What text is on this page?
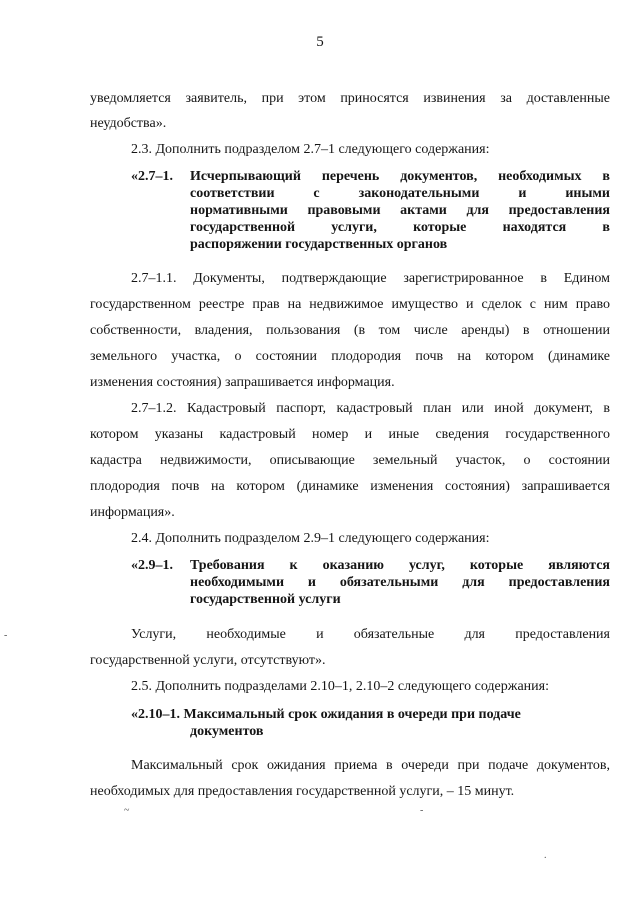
5
уведомляется заявитель, при этом приносятся извинения за доставленные
неудобства».
2.3. Дополнить подразделом 2.7–1 следующего содержания:
«2.7–1. Исчерпывающий перечень документов, необходимых в
соответствии с законодательными и иными
нормативными правовыми актами для предоставления
государственной услуги, которые находятся в
распоряжении государственных органов
2.7–1.1. Документы, подтверждающие зарегистрированное в Едином
государственном реестре прав на недвижимое имущество и сделок с ним право
собственности, владения, пользования (в том числе аренды) в отношении
земельного участка, о состоянии плодородия почв на котором (динамике
изменения состояния) запрашивается информация.
2.7–1.2. Кадастровый паспорт, кадастровый план или иной документ, в
котором указаны кадастровый номер и иные сведения государственного
кадастра недвижимости, описывающие земельный участок, о состоянии
плодородия почв на котором (динамике изменения состояния) запрашивается
информация».
2.4. Дополнить подразделом 2.9–1 следующего содержания:
«2.9–1. Требования к оказанию услуг, которые являются
необходимыми и обязательными для предоставления
государственной услуги
Услуги, необходимые и обязательные для предоставления
государственной услуги, отсутствуют».
2.5. Дополнить подразделами 2.10–1, 2.10–2 следующего содержания:
«2.10–1. Максимальный срок ожидания в очереди при подаче
документов
Максимальный срок ожидания приема в очереди при подаче документов,
необходимых для предоставления государственной услуги, – 15 минут.
-
~	-
.
